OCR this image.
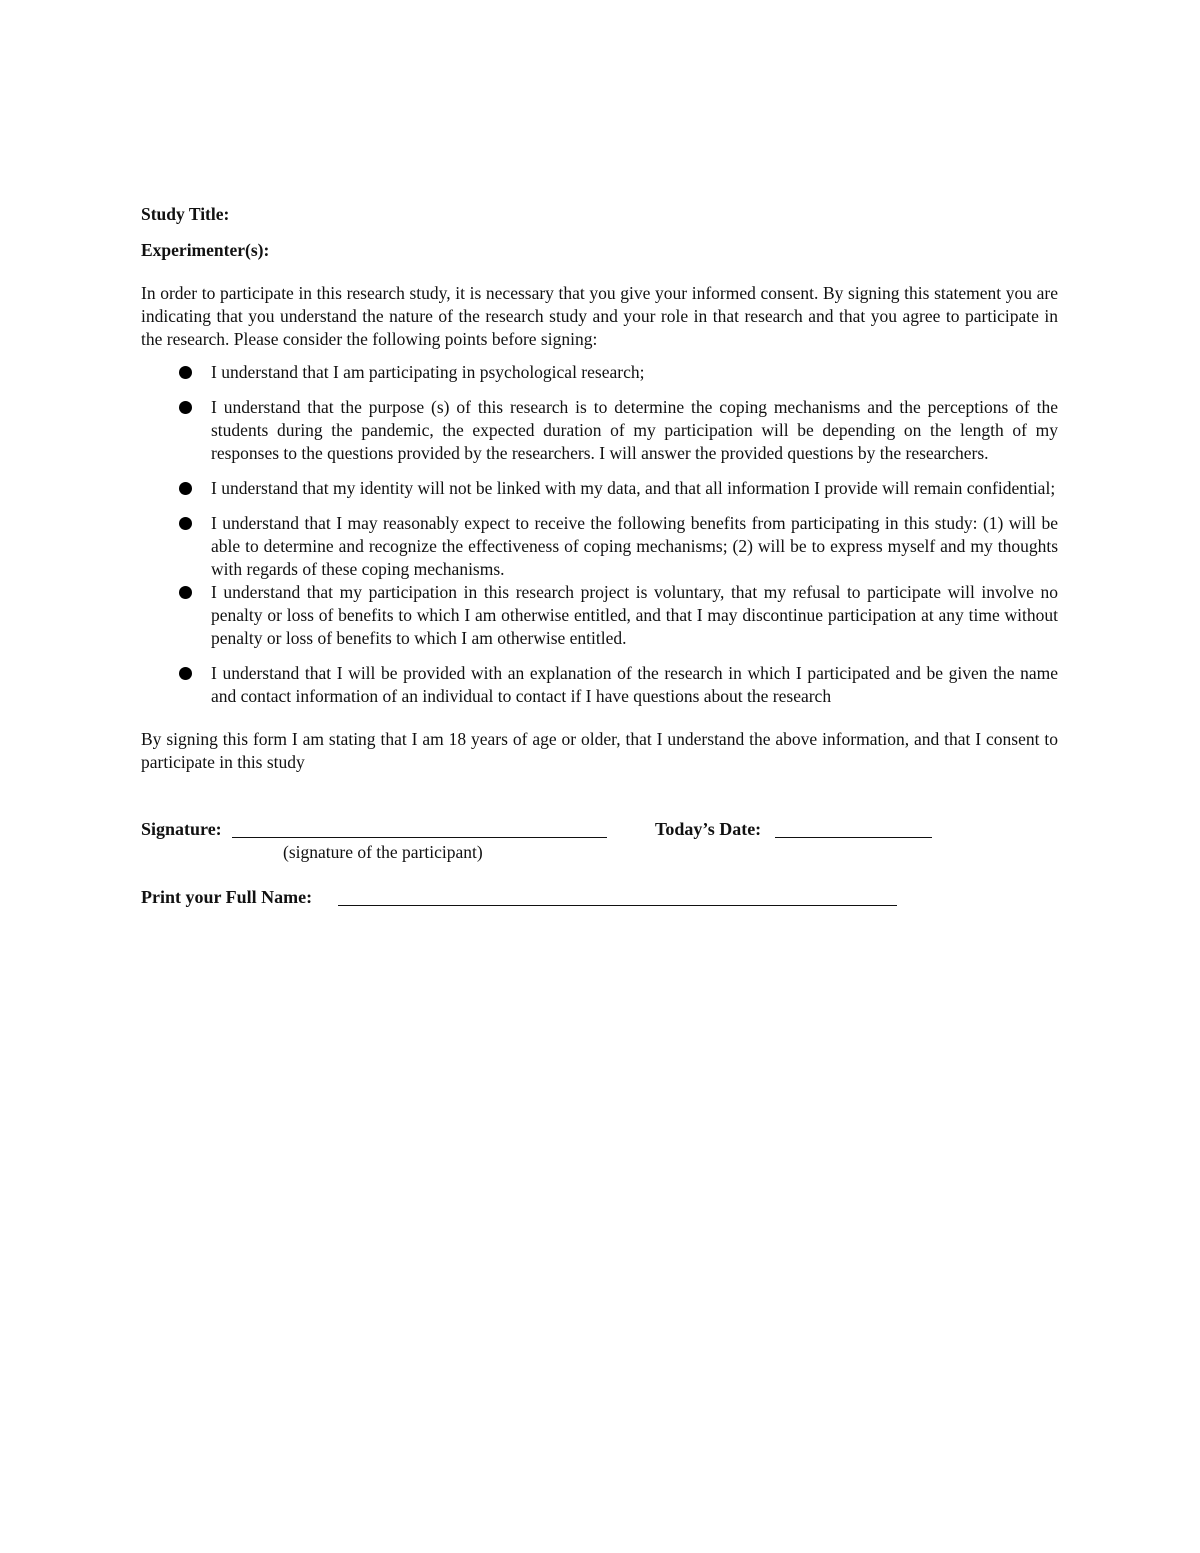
Study Title:
Experimenter(s):

In order to participate in this research study, it is necessary that you give your informed consent. By signing this statement you are indicating that you understand the nature of the research study and your role in that research and that you agree to participate in the research. Please consider the following points before signing:

I understand that I am participating in psychological research;
I understand that the purpose (s) of this research is to determine the coping mechanisms and the perceptions of the students during the pandemic, the expected duration of my participation will be depending on the length of my responses to the questions provided by the researchers. I will answer the provided questions by the researchers.
I understand that my identity will not be linked with my data, and that all information I provide will remain confidential;
I understand that I may reasonably expect to receive the following benefits from participating in this study: (1) will be able to determine and recognize the effectiveness of coping mechanisms; (2) will be to express myself and my thoughts with regards of these coping mechanisms.
I understand that my participation in this research project is voluntary, that my refusal to participate will involve no penalty or loss of benefits to which I am otherwise entitled, and that I may discontinue participation at any time without penalty or loss of benefits to which I am otherwise entitled.
I understand that I will be provided with an explanation of the research in which I participated and be given the name and contact information of an individual to contact if I have questions about the research

By signing this form I am stating that I am 18 years of age or older, that I understand the above information, and that I consent to participate in this study

Signature:
(signature of the participant)
Today’s Date:
Print your Full Name:
